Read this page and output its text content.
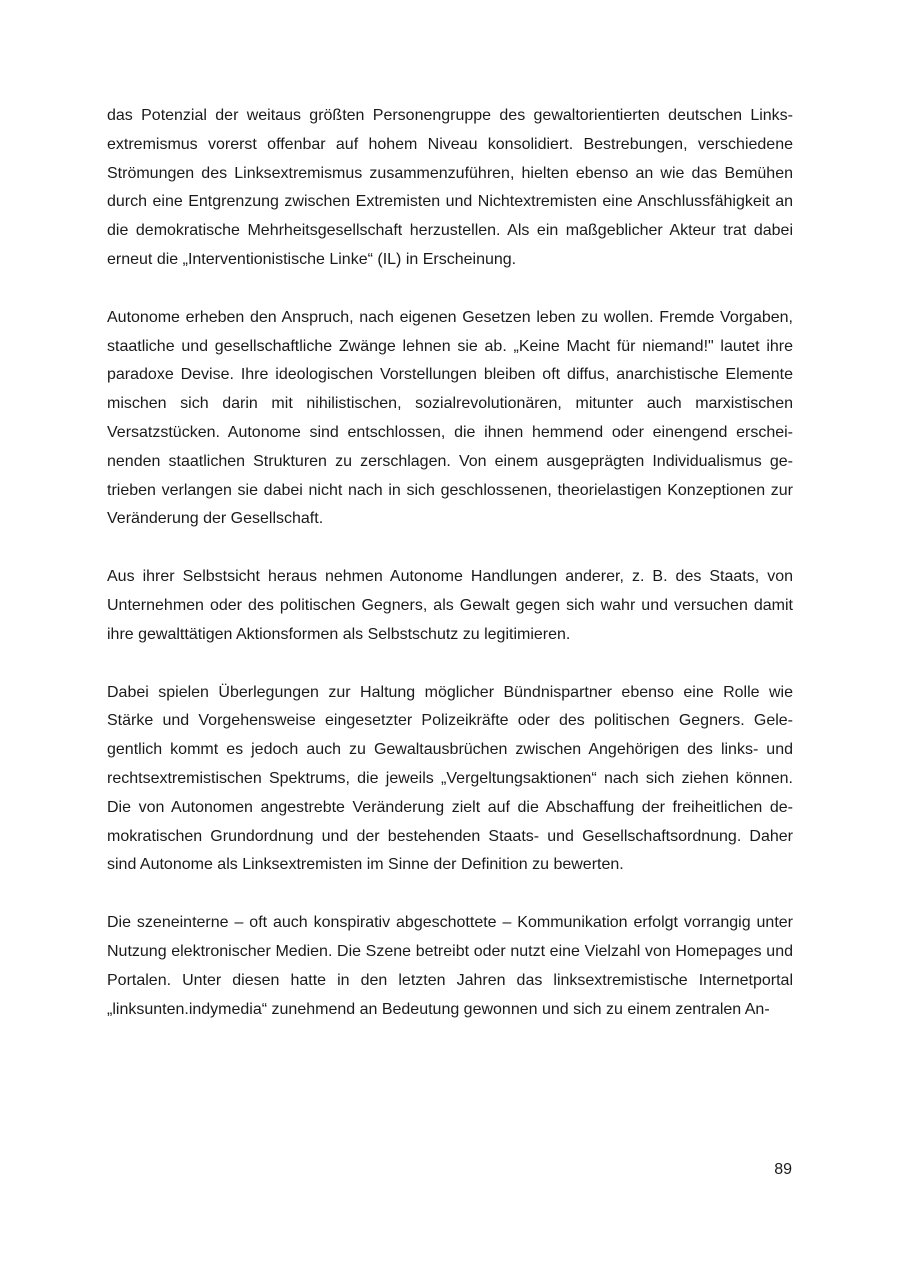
das Potenzial der weitaus größten Personengruppe des gewaltorientierten deutschen Linksextremismus vorerst offenbar auf hohem Niveau konsolidiert. Bestrebungen, verschiedene Strömungen des Linksextremismus zusammenzuführen, hielten ebenso an wie das Bemühen durch eine Entgrenzung zwischen Extremisten und Nichtextremisten eine Anschlussfähigkeit an die demokratische Mehrheitsgesellschaft herzustellen. Als ein maßgeblicher Akteur trat dabei erneut die „Interventionistische Linke“ (IL) in Erscheinung.

Autonome erheben den Anspruch, nach eigenen Gesetzen leben zu wollen. Fremde Vorgaben, staatliche und gesellschaftliche Zwänge lehnen sie ab. „Keine Macht für niemand!" lautet ihre paradoxe Devise. Ihre ideologischen Vorstellungen bleiben oft diffus, anarchistische Elemente mischen sich darin mit nihilistischen, sozialrevolutionären, mitunter auch marxistischen Versatzstücken. Autonome sind entschlossen, die ihnen hemmend oder einengend erscheinenden staatlichen Strukturen zu zerschlagen. Von einem ausgeprägten Individualismus getrieben verlangen sie dabei nicht nach in sich geschlossenen, theorielastigen Konzeptionen zur Veränderung der Gesellschaft.

Aus ihrer Selbstsicht heraus nehmen Autonome Handlungen anderer, z. B. des Staats, von Unternehmen oder des politischen Gegners, als Gewalt gegen sich wahr und versuchen damit ihre gewalttätigen Aktionsformen als Selbstschutz zu legitimieren.

Dabei spielen Überlegungen zur Haltung möglicher Bündnispartner ebenso eine Rolle wie Stärke und Vorgehensweise eingesetzter Polizeikräfte oder des politischen Gegners. Gelegentlich kommt es jedoch auch zu Gewaltausbrüchen zwischen Angehörigen des links- und rechtsextremistischen Spektrums, die jeweils „Vergeltungsaktionen“ nach sich ziehen können. Die von Autonomen angestrebte Veränderung zielt auf die Abschaffung der freiheitlichen demokratischen Grundordnung und der bestehenden Staats- und Gesellschaftsordnung. Daher sind Autonome als Linksextremisten im Sinne der Definition zu bewerten.

Die szeneinterne – oft auch konspirativ abgeschottete – Kommunikation erfolgt vorrangig unter Nutzung elektronischer Medien. Die Szene betreibt oder nutzt eine Vielzahl von Homepages und Portalen. Unter diesen hatte in den letzten Jahren das linksextremistische Internetportal „linksunten.indymedia“ zunehmend an Bedeutung gewonnen und sich zu einem zentralen An-

89
